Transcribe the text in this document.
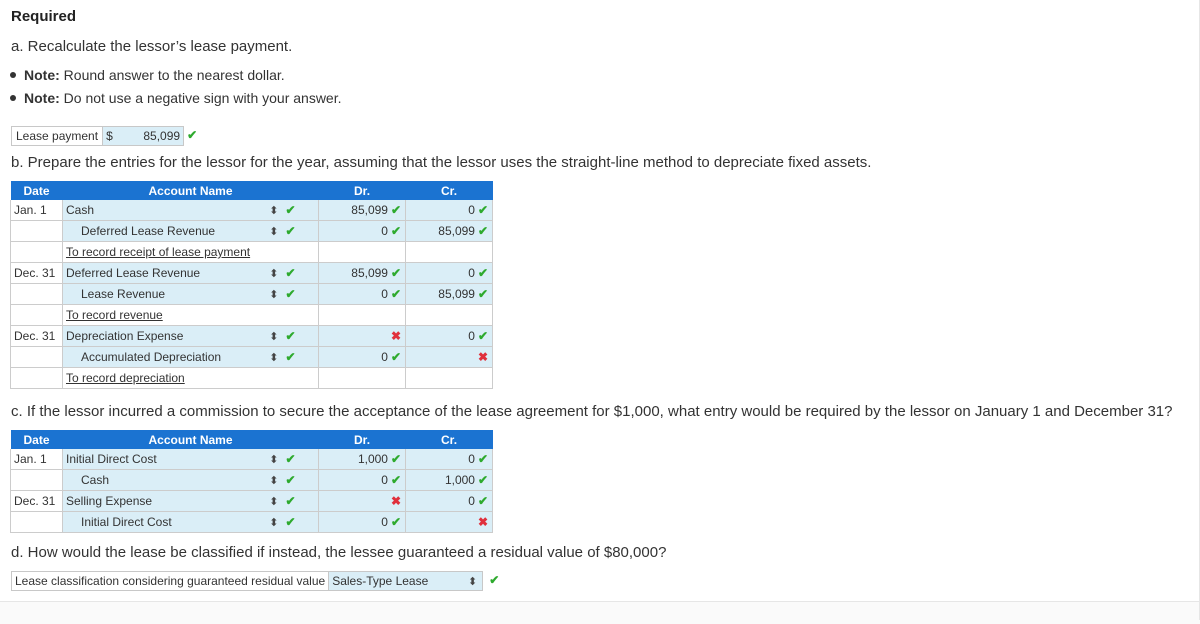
Required
a. Recalculate the lessor’s lease payment.
Note: Round answer to the nearest dollar.
Note: Do not use a negative sign with your answer.
Lease payment $	85,099 ✔
b. Prepare the entries for the lessor for the year, assuming that the lessor uses the straight-line method to depreciate fixed assets.
Date	Account Name			Dr.	Cr.
Jan. 1	Cash	⬍	✔	85,099 ✔	0 ✔
	Deferred Lease Revenue	⬍	✔	0 ✔	85,099 ✔
	To record receipt of lease payment				
Dec. 31	Deferred Lease Revenue	⬍	✔	85,099 ✔	0 ✔
	Lease Revenue	⬍	✔	0 ✔	85,099 ✔
	To record revenue				
Dec. 31	Depreciation Expense	⬍	✔	✖	0 ✔
	Accumulated Depreciation	⬍	✔	0 ✔	✖
	To record depreciation				
c. If the lessor incurred a commission to secure the acceptance of the lease agreement for $1,000, what entry would be required by the lessor on January 1 and December 31?
Date	Account Name			Dr.	Cr.
Jan. 1	Initial Direct Cost	⬍	✔	1,000 ✔	0 ✔
	Cash	⬍	✔	0 ✔	1,000 ✔
Dec. 31	Selling Expense	⬍	✔	✖	0 ✔
	Initial Direct Cost	⬍	✔	0 ✔	✖
d. How would the lease be classified if instead, the lessee guaranteed a residual value of $80,000?
Lease classification considering guaranteed residual value Sales-Type Lease	⬍ ✔
